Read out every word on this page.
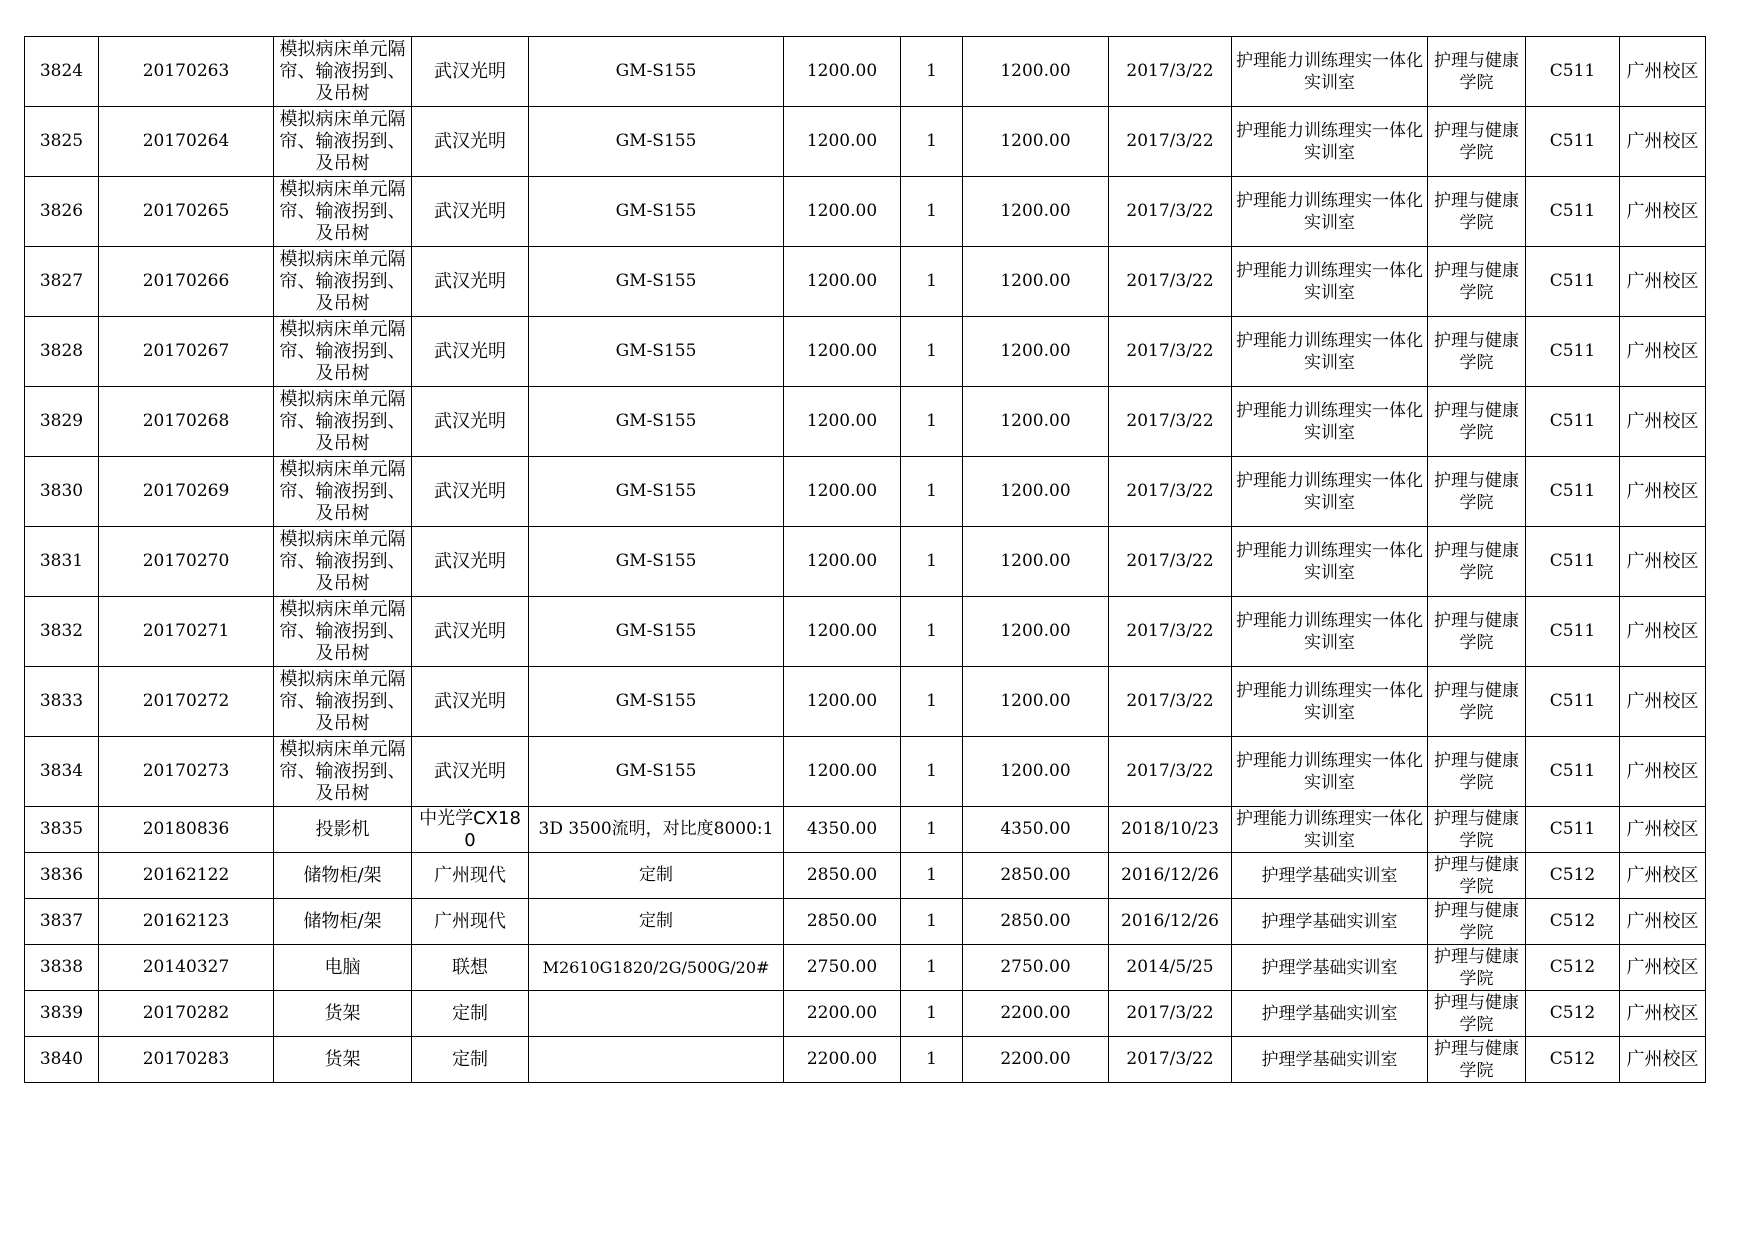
3824	20170263	模拟病床单元隔帘、输液拐到、及吊树	武汉光明	GM-S155	1200.00	1	1200.00	2017/3/22	护理能力训练理实一体化实训室	护理与健康学院	C511	广州校区
3825	20170264	模拟病床单元隔帘、输液拐到、及吊树	武汉光明	GM-S155	1200.00	1	1200.00	2017/3/22	护理能力训练理实一体化实训室	护理与健康学院	C511	广州校区
3826	20170265	模拟病床单元隔帘、输液拐到、及吊树	武汉光明	GM-S155	1200.00	1	1200.00	2017/3/22	护理能力训练理实一体化实训室	护理与健康学院	C511	广州校区
3827	20170266	模拟病床单元隔帘、输液拐到、及吊树	武汉光明	GM-S155	1200.00	1	1200.00	2017/3/22	护理能力训练理实一体化实训室	护理与健康学院	C511	广州校区
3828	20170267	模拟病床单元隔帘、输液拐到、及吊树	武汉光明	GM-S155	1200.00	1	1200.00	2017/3/22	护理能力训练理实一体化实训室	护理与健康学院	C511	广州校区
3829	20170268	模拟病床单元隔帘、输液拐到、及吊树	武汉光明	GM-S155	1200.00	1	1200.00	2017/3/22	护理能力训练理实一体化实训室	护理与健康学院	C511	广州校区
3830	20170269	模拟病床单元隔帘、输液拐到、及吊树	武汉光明	GM-S155	1200.00	1	1200.00	2017/3/22	护理能力训练理实一体化实训室	护理与健康学院	C511	广州校区
3831	20170270	模拟病床单元隔帘、输液拐到、及吊树	武汉光明	GM-S155	1200.00	1	1200.00	2017/3/22	护理能力训练理实一体化实训室	护理与健康学院	C511	广州校区
3832	20170271	模拟病床单元隔帘、输液拐到、及吊树	武汉光明	GM-S155	1200.00	1	1200.00	2017/3/22	护理能力训练理实一体化实训室	护理与健康学院	C511	广州校区
3833	20170272	模拟病床单元隔帘、输液拐到、及吊树	武汉光明	GM-S155	1200.00	1	1200.00	2017/3/22	护理能力训练理实一体化实训室	护理与健康学院	C511	广州校区
3834	20170273	模拟病床单元隔帘、输液拐到、及吊树	武汉光明	GM-S155	1200.00	1	1200.00	2017/3/22	护理能力训练理实一体化实训室	护理与健康学院	C511	广州校区
3835	20180836	投影机	中光学CX180	3D 3500流明，对比度8000:1	4350.00	1	4350.00	2018/10/23	护理能力训练理实一体化实训室	护理与健康学院	C511	广州校区
3836	20162122	储物柜/架	广州现代	定制	2850.00	1	2850.00	2016/12/26	护理学基础实训室	护理与健康学院	C512	广州校区
3837	20162123	储物柜/架	广州现代	定制	2850.00	1	2850.00	2016/12/26	护理学基础实训室	护理与健康学院	C512	广州校区
3838	20140327	电脑	联想	M2610G1820/2G/500G/20#	2750.00	1	2750.00	2014/5/25	护理学基础实训室	护理与健康学院	C512	广州校区
3839	20170282	货架	定制		2200.00	1	2200.00	2017/3/22	护理学基础实训室	护理与健康学院	C512	广州校区
3840	20170283	货架	定制		2200.00	1	2200.00	2017/3/22	护理学基础实训室	护理与健康学院	C512	广州校区
